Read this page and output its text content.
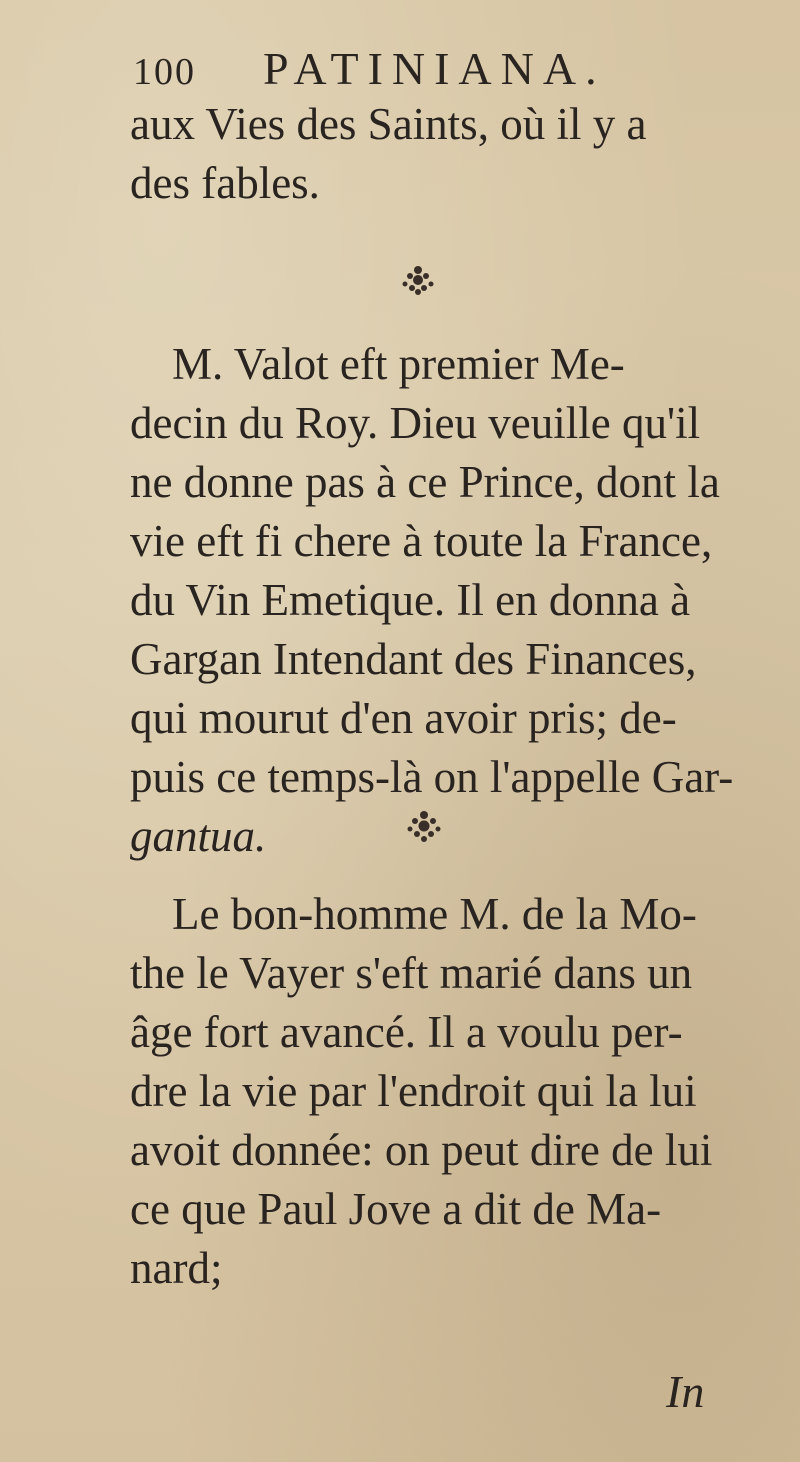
100 PATINIANA.
aux Vies des Saints, où il y a
des fables.
M. Valot eft premier Me-
decin du Roy. Dieu veuille qu'il
ne donne pas à ce Prince, dont la
vie eft fi chere à toute la France,
du Vin Emetique. Il en donna à
Gargan Intendant des Finances,
qui mourut d'en avoir pris; de-
puis ce temps-là on l'appelle Gar-
gantua.
Le bon-homme M. de la Mo-
the le Vayer s'eft marié dans un
âge fort avancé. Il a voulu per-
dre la vie par l'endroit qui la lui
avoit donnée: on peut dire de lui
ce que Paul Jove a dit de Ma-
nard;
In
